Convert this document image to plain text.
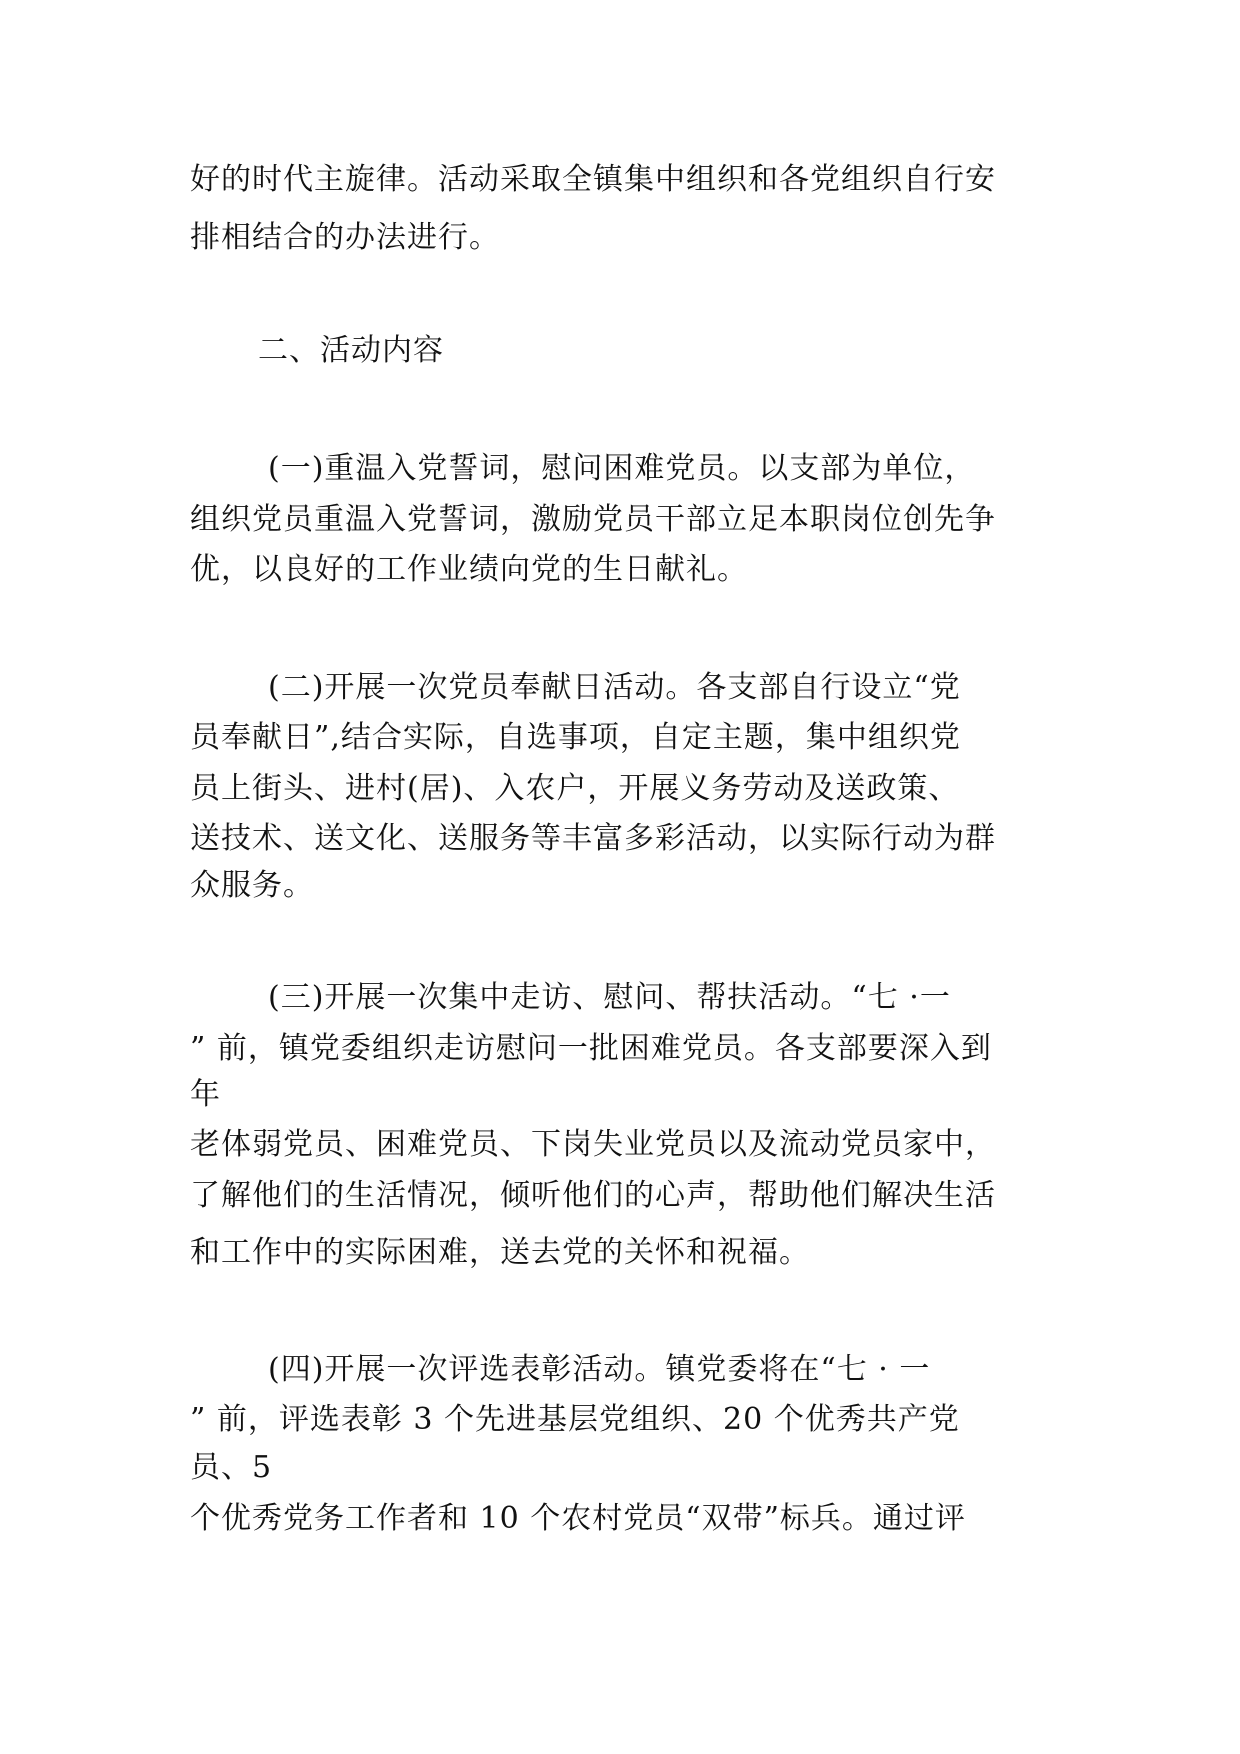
好的时代主旋律。活动采取全镇集中组织和各党组织自行安
排相结合的办法进行。
二、活动内容
(一)重温入党誓词，慰问困难党员。以支部为单位，
组织党员重温入党誓词，激励党员干部立足本职岗位创先争
优，以良好的工作业绩向党的生日献礼。
(二)开展一次党员奉献日活动。各支部自行设立“党
员奉献日”,结合实际，自选事项，自定主题，集中组织党
员上街头、进村(居)、入农户，开展义务劳动及送政策、
送技术、送文化、送服务等丰富多彩活动，以实际行动为群
众服务。
(三)开展一次集中走访、慰问、帮扶活动。“七 ·一
” 前，镇党委组织走访慰问一批困难党员。各支部要深入到
年
老体弱党员、困难党员、下岗失业党员以及流动党员家中，
了解他们的生活情况，倾听他们的心声，帮助他们解决生活
和工作中的实际困难，送去党的关怀和祝福。
(四)开展一次评选表彰活动。镇党委将在“七 · 一
” 前，评选表彰 3 个先进基层党组织、20 个优秀共产党
员、5
个优秀党务工作者和 10 个农村党员“双带”标兵。通过评
